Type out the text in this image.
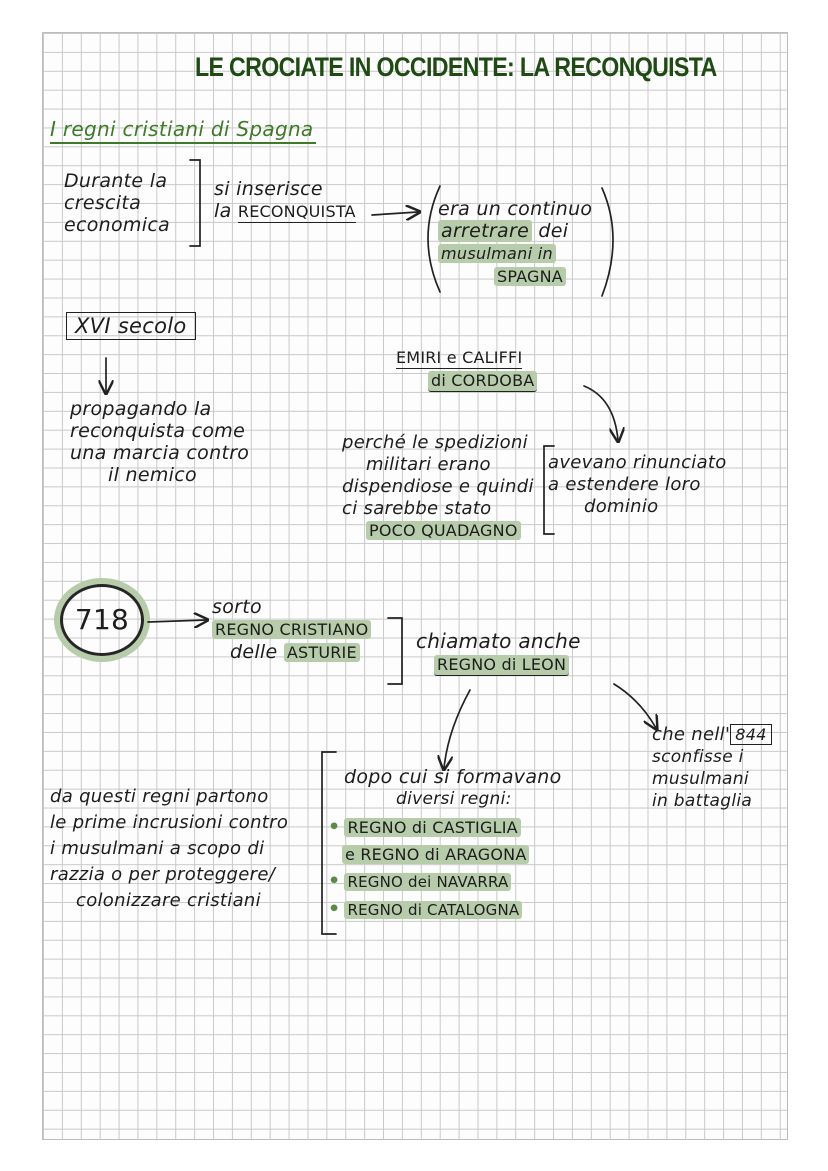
LE CROCIATE IN OCCIDENTE: LA RECONQUISTA
I regni cristiani di Spagna
Durante la
crescita
economica
si inserisce
la RECONQUISTA	era un continuo
arretrare dei
musulmani in
SPAGNA
XVI secolo
propagando la
reconquista come
una marcia contro
il nemico
EMIRI e CALIFFI
di CORDOBA
perché le spedizioni
militari erano
dispendiose e quindi
ci sarebbe stato
POCO QUADAGNO
avevano rinunciato
a estendere loro
dominio
718	sorto
REGNO CRISTIANO
delle ASTURIE	chiamato anche
REGNO di LEON
che nell' 844
sconfisse i
musulmani
in battaglia
dopo cui si formavano
diversi regni:
• REGNO di CASTIGLIA
e REGNO di ARAGONA
• REGNO dei NAVARRA
• REGNO di CATALOGNA
da questi regni partono
le prime incrusioni contro
i musulmani a scopo di
razzia o per proteggere/
colonizzare cristiani
